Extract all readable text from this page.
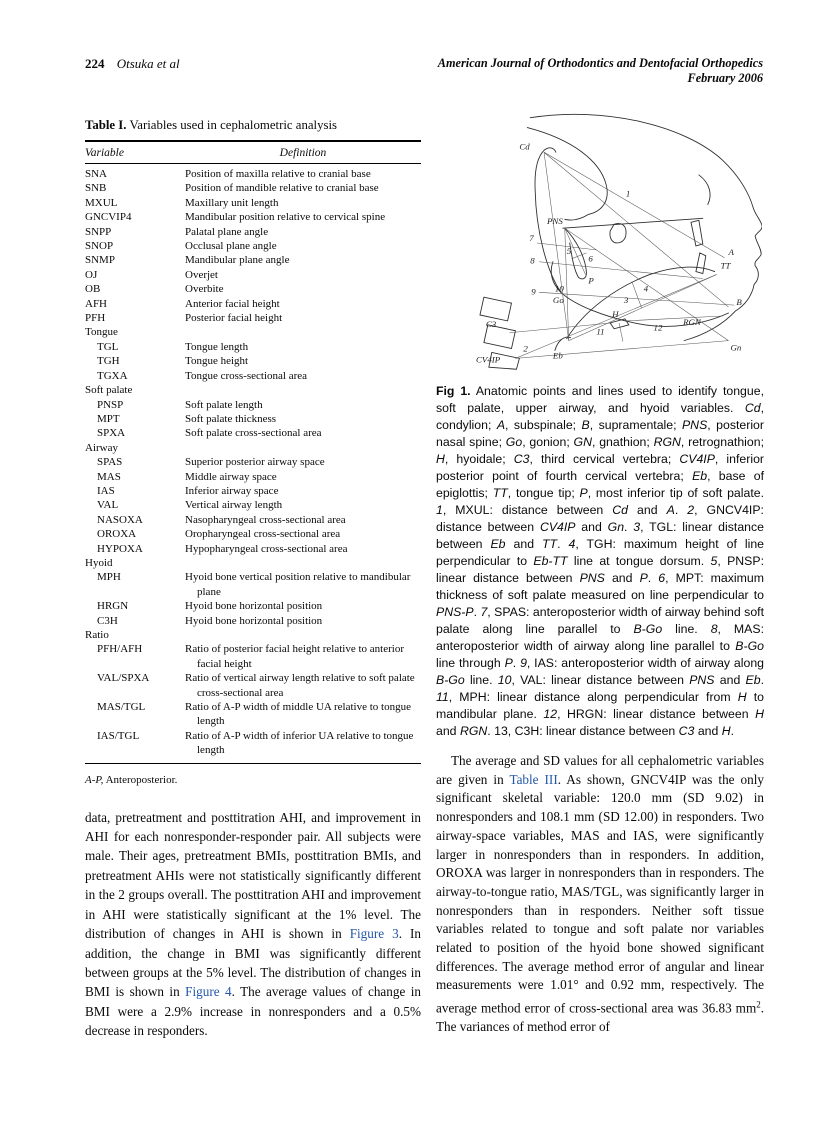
224 Otsuka et al	American Journal of Orthodontics and Dentofacial Orthopedics
February 2006
Table I. Variables used in cephalometric analysis
Variable	Definition
SNA	Position of maxilla relative to cranial base
SNB	Position of mandible relative to cranial base
MXUL	Maxillary unit length
GNCVIP4	Mandibular position relative to cervical spine
SNPP	Palatal plane angle
SNOP	Occlusal plane angle
SNMP	Mandibular plane angle
OJ	Overjet
OB	Overbite
AFH	Anterior facial height
PFH	Posterior facial height
Tongue
TGL	Tongue length
TGH	Tongue height
TGXA	Tongue cross-sectional area
Soft palate
PNSP	Soft palate length
MPT	Soft palate thickness
SPXA	Soft palate cross-sectional area
Airway
SPAS	Superior posterior airway space
MAS	Middle airway space
IAS	Inferior airway space
VAL	Vertical airway length
NASOXA	Nasopharyngeal cross-sectional area
OROXA	Oropharyngeal cross-sectional area
HYPOXA	Hypopharyngeal cross-sectional area
Hyoid
MPH	Hyoid bone vertical position relative to mandibular plane
HRGN	Hyoid bone horizontal position
C3H	Hyoid bone horizontal position
Ratio
PFH/AFH	Ratio of posterior facial height relative to anterior facial height
VAL/SPXA	Ratio of vertical airway length relative to soft palate cross-sectional area
MAS/TGL	Ratio of A-P width of middle UA relative to tongue length
IAS/TGL	Ratio of A-P width of inferior UA relative to tongue length
A-P, Anteroposterior.

data, pretreatment and posttitration AHI, and improvement in AHI for each nonresponder-responder pair. All subjects were male. Their ages, pretreatment BMIs, posttitration BMIs, and pretreatment AHIs were not statistically significantly different in the 2 groups overall. The posttitration AHI and improvement in AHI were statistically significant at the 1% level. The distribution of changes in AHI is shown in Figure 3. In addition, the change in BMI was significantly different between groups at the 5% level. The distribution of changes in BMI is shown in Figure 4. The average values of change in BMI were a 2.9% increase in nonresponders and a 0.5% decrease in responders.

Cd
1
A
PNS
5
6
7
8
9 10	4
3
P
TT
B
RGN
Gn
Go
H
11	12
C3
CV4IP	Eb
2
Fig 1. Anatomic points and lines used to identify tongue, soft palate, upper airway, and hyoid variables. Cd, condylion; A, subspinale; B, supramentale; PNS, posterior nasal spine; Go, gonion; GN, gnathion; RGN, retrognathion; H, hyoidale; C3, third cervical vertebra; CV4IP, inferior posterior point of fourth cervical vertebra; Eb, base of epiglottis; TT, tongue tip; P, most inferior tip of soft palate. 1, MXUL: distance between Cd and A. 2, GNCV4IP: distance between CV4IP and Gn. 3, TGL: linear distance between Eb and TT. 4, TGH: maximum height of line perpendicular to Eb-TT line at tongue dorsum. 5, PNSP: linear distance between PNS and P. 6, MPT: maximum thickness of soft palate measured on line perpendicular to PNS-P. 7, SPAS: anteroposterior width of airway behind soft palate along line parallel to B-Go line. 8, MAS: anteroposterior width of airway along line parallel to B-Go line through P. 9, IAS: anteroposterior width of airway along B-Go line. 10, VAL: linear distance between PNS and Eb. 11, MPH: linear distance along perpendicular from H to mandibular plane. 12, HRGN: linear distance between H and RGN. 13, C3H: linear distance between C3 and H.

The average and SD values for all cephalometric variables are given in Table III. As shown, GNCV4IP was the only significant skeletal variable: 120.0 mm (SD 9.02) in nonresponders and 108.1 mm (SD 12.00) in responders. Two airway-space variables, MAS and IAS, were significantly larger in nonresponders than in responders. In addition, OROXA was larger in nonresponders than in responders. The airway-to-tongue ratio, MAS/TGL, was significantly larger in nonresponders than in responders. Neither soft tissue variables related to tongue and soft palate nor variables related to position of the hyoid bone showed significant differences. The average method error of angular and linear measurements were 1.01° and 0.92 mm, respectively. The average method error of cross-sectional area was 36.83 $mm^2$. The variances of method error of
